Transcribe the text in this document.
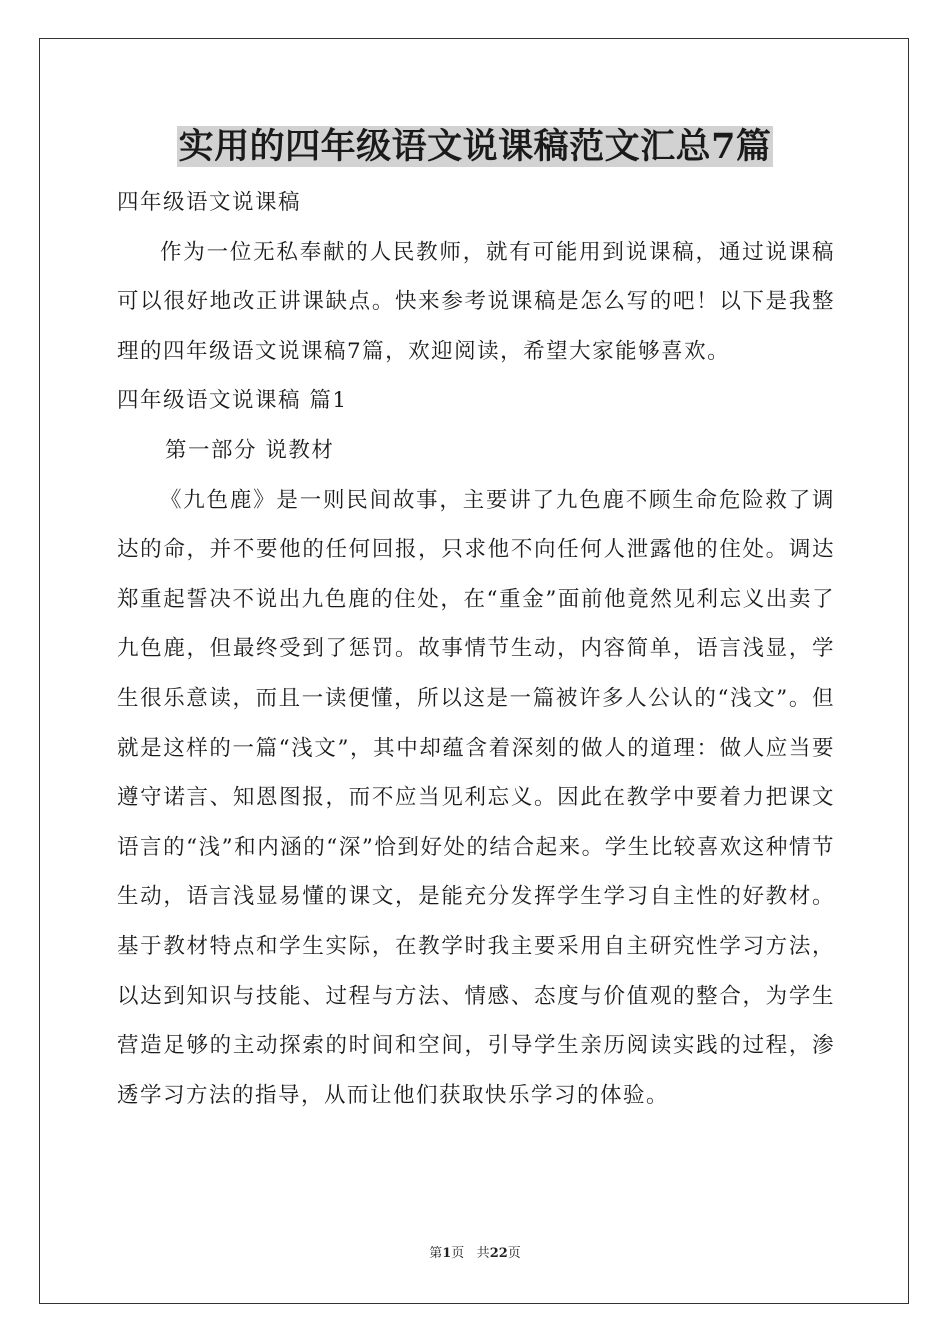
实用的四年级语文说课稿范文汇总7篇

四年级语文说课稿

作为一位无私奉献的人民教师，就有可能用到说课稿，通过说课稿可以很好地改正讲课缺点。快来参考说课稿是怎么写的吧！以下是我整理的四年级语文说课稿7篇，欢迎阅读，希望大家能够喜欢。

四年级语文说课稿 篇1

第一部分 说教材

《九色鹿》是一则民间故事，主要讲了九色鹿不顾生命危险救了调达的命，并不要他的任何回报，只求他不向任何人泄露他的住处。调达郑重起誓决不说出九色鹿的住处，在“重金”面前他竟然见利忘义出卖了九色鹿，但最终受到了惩罚。故事情节生动，内容简单，语言浅显，学生很乐意读，而且一读便懂，所以这是一篇被许多人公认的“浅文”。但就是这样的一篇“浅文”，其中却蕴含着深刻的做人的道理：做人应当要遵守诺言、知恩图报，而不应当见利忘义。因此在教学中要着力把课文语言的“浅”和内涵的“深”恰到好处的结合起来。学生比较喜欢这种情节生动，语言浅显易懂的课文，是能充分发挥学生学习自主性的好教材。基于教材特点和学生实际，在教学时我主要采用自主研究性学习方法，以达到知识与技能、过程与方法、情感、态度与价值观的整合，为学生营造足够的主动探索的时间和空间，引导学生亲历阅读实践的过程，渗透学习方法的指导，从而让他们获取快乐学习的体验。

第1页 共22页
